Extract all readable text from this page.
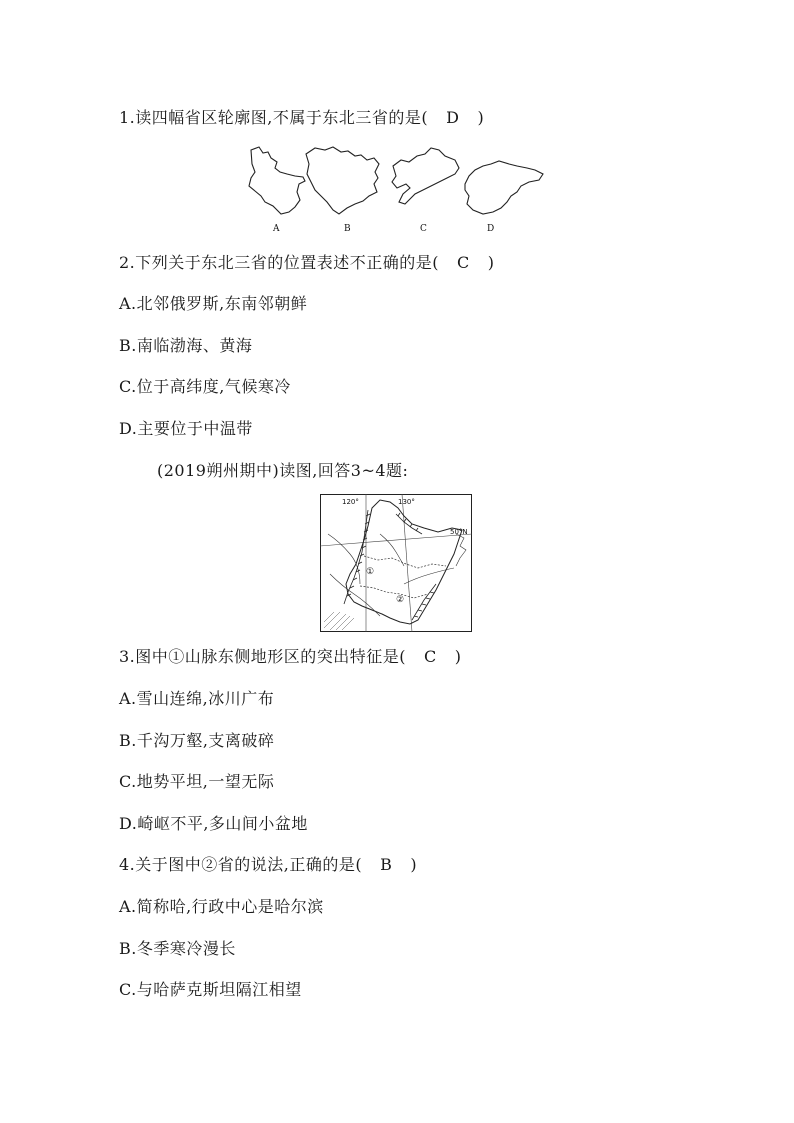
1.读四幅省区轮廓图,不属于东北三省的是( D )
A	B	C	D
2.下列关于东北三省的位置表述不正确的是( C )
A.北邻俄罗斯,东南邻朝鲜
B.南临渤海、黄海
C.位于高纬度,气候寒冷
D.主要位于中温带
(2019朔州期中)读图,回答3~4题:
120°	130°
50°N
①
②
3.图中①山脉东侧地形区的突出特征是( C )
A.雪山连绵,冰川广布
B.千沟万壑,支离破碎
C.地势平坦,一望无际
D.崎岖不平,多山间小盆地
4.关于图中②省的说法,正确的是( B )
A.简称哈,行政中心是哈尔滨
B.冬季寒冷漫长
C.与哈萨克斯坦隔江相望
